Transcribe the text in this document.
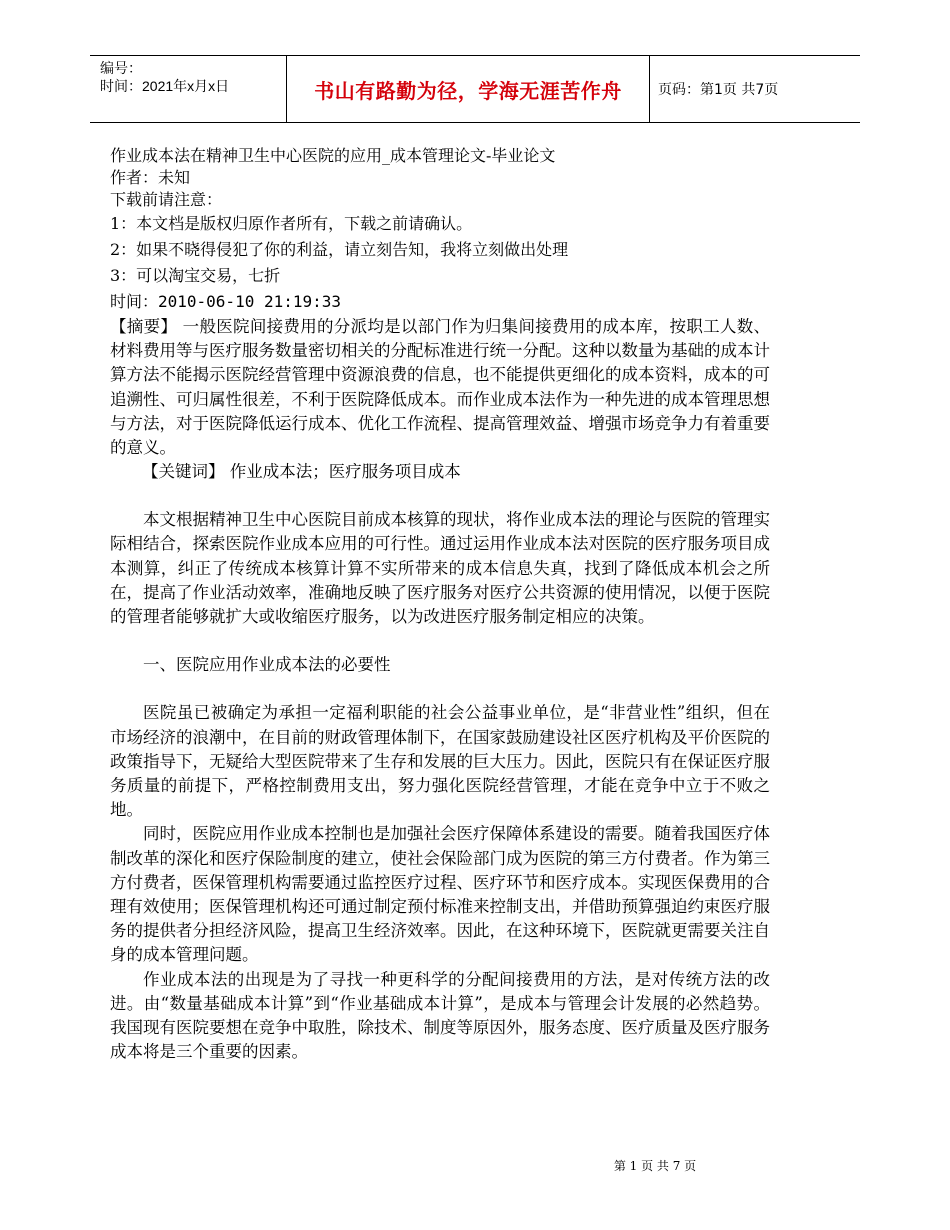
编号：
时间：2021年x月x日	书山有路勤为径，学海无涯苦作舟	页码：第1页 共7页
作业成本法在精神卫生中心医院的应用_成本管理论文-毕业论文
作者：未知
下载前请注意：
1：本文档是版权归原作者所有，下载之前请确认。
2：如果不晓得侵犯了你的利益，请立刻告知，我将立刻做出处理
3：可以淘宝交易，七折
时间：2010-06-10 21:19:33

【摘要】 一般医院间接费用的分派均是以部门作为归集间接费用的成本库，按职工人数、材料费用等与医疗服务数量密切相关的分配标准进行统一分配。这种以数量为基础的成本计算方法不能揭示医院经营管理中资源浪费的信息，也不能提供更细化的成本资料，成本的可追溯性、可归属性很差，不利于医院降低成本。而作业成本法作为一种先进的成本管理思想与方法，对于医院降低运行成本、优化工作流程、提高管理效益、增强市场竞争力有着重要的意义。

【关键词】 作业成本法；医疗服务项目成本

本文根据精神卫生中心医院目前成本核算的现状，将作业成本法的理论与医院的管理实际相结合，探索医院作业成本应用的可行性。通过运用作业成本法对医院的医疗服务项目成本测算，纠正了传统成本核算计算不实所带来的成本信息失真，找到了降低成本机会之所在，提高了作业活动效率，准确地反映了医疗服务对医疗公共资源的使用情况，以便于医院的管理者能够就扩大或收缩医疗服务，以为改进医疗服务制定相应的决策。

一、医院应用作业成本法的必要性

医院虽已被确定为承担一定福利职能的社会公益事业单位，是“非营业性”组织，但在市场经济的浪潮中，在目前的财政管理体制下，在国家鼓励建设社区医疗机构及平价医院的政策指导下，无疑给大型医院带来了生存和发展的巨大压力。因此，医院只有在保证医疗服务质量的前提下，严格控制费用支出，努力强化医院经营管理，才能在竞争中立于不败之地。

同时，医院应用作业成本控制也是加强社会医疗保障体系建设的需要。随着我国医疗体制改革的深化和医疗保险制度的建立，使社会保险部门成为医院的第三方付费者。作为第三方付费者，医保管理机构需要通过监控医疗过程、医疗环节和医疗成本。实现医保费用的合理有效使用；医保管理机构还可通过制定预付标准来控制支出，并借助预算强迫约束医疗服务的提供者分担经济风险，提高卫生经济效率。因此，在这种环境下，医院就更需要关注自身的成本管理问题。

作业成本法的出现是为了寻找一种更科学的分配间接费用的方法，是对传统方法的改进。由“数量基础成本计算”到“作业基础成本计算”，是成本与管理会计发展的必然趋势。我国现有医院要想在竞争中取胜，除技术、制度等原因外，服务态度、医疗质量及医疗服务成本将是三个重要的因素。

第 1 页 共 7 页
